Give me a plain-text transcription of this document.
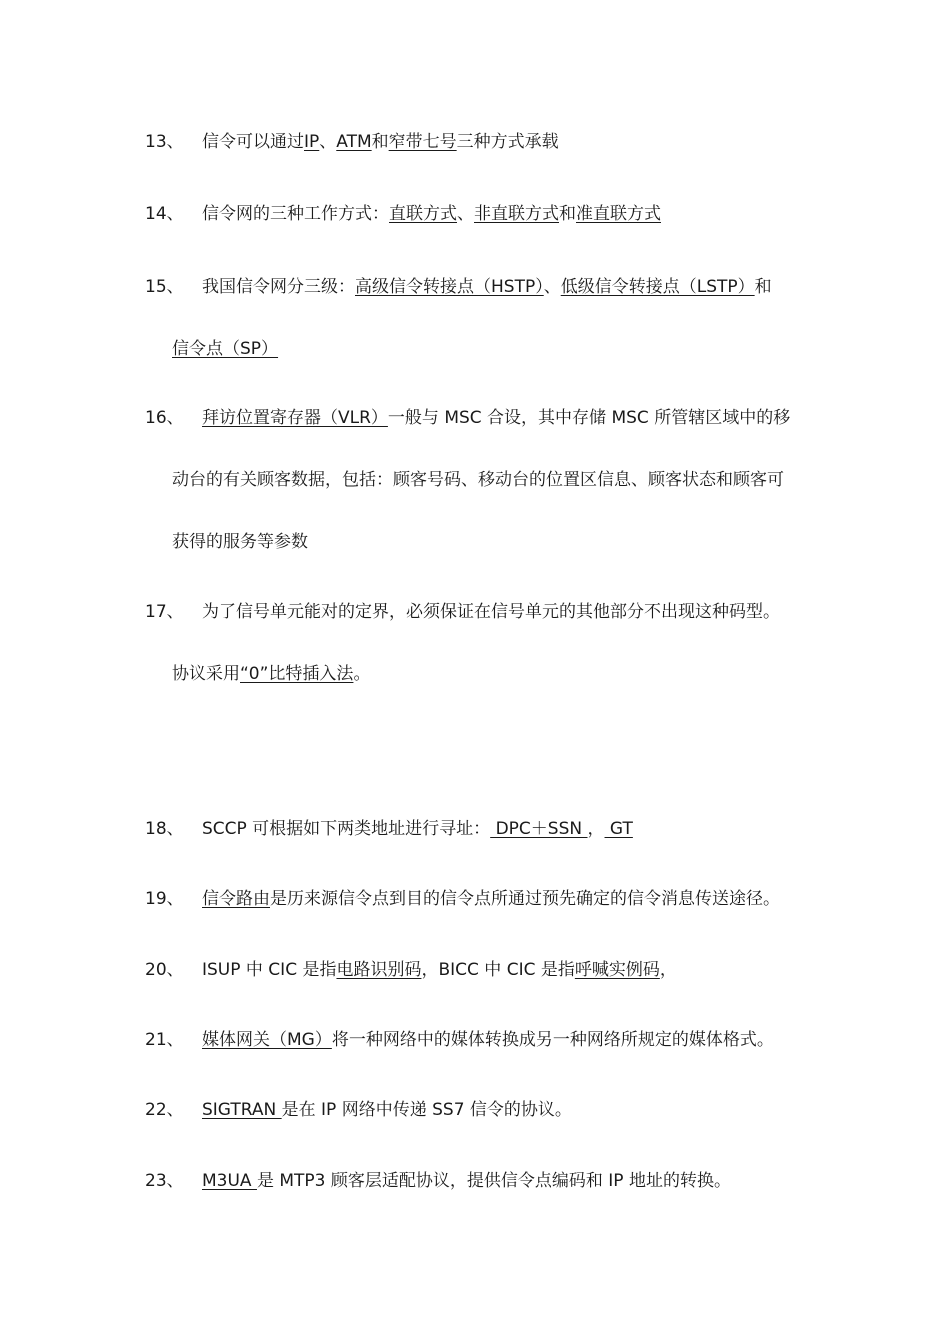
13、 信令可以通过IP、ATM和窄带七号三种方式承载
14、 信令网的三种工作方式：直联方式、非直联方式和准直联方式
15、 我国信令网分三级：高级信令转接点（HSTP）、低级信令转接点（LSTP）和
信令点（SP）
16、 拜访位置寄存器（VLR）一般与 MSC 合设，其中存储 MSC 所管辖区域中的移
动台的有关顾客数据，包括：顾客号码、移动台的位置区信息、顾客状态和顾客可
获得的服务等参数
17、 为了信号单元能对的定界，必须保证在信号单元的其他部分不出现这种码型。
协议采用“0”比特插入法。
18、 SCCP 可根据如下两类地址进行寻址： DPC＋SSN ， GT
19、 信令路由是历来源信令点到目的信令点所通过预先确定的信令消息传送途径。
20、 ISUP 中 CIC 是指电路识别码，BICC 中 CIC 是指呼喊实例码，
21、 媒体网关（MG）将一种网络中的媒体转换成另一种网络所规定的媒体格式。
22、 SIGTRAN 是在 IP 网络中传递 SS7 信令的协议。
23、 M3UA 是 MTP3 顾客层适配协议，提供信令点编码和 IP 地址的转换。
